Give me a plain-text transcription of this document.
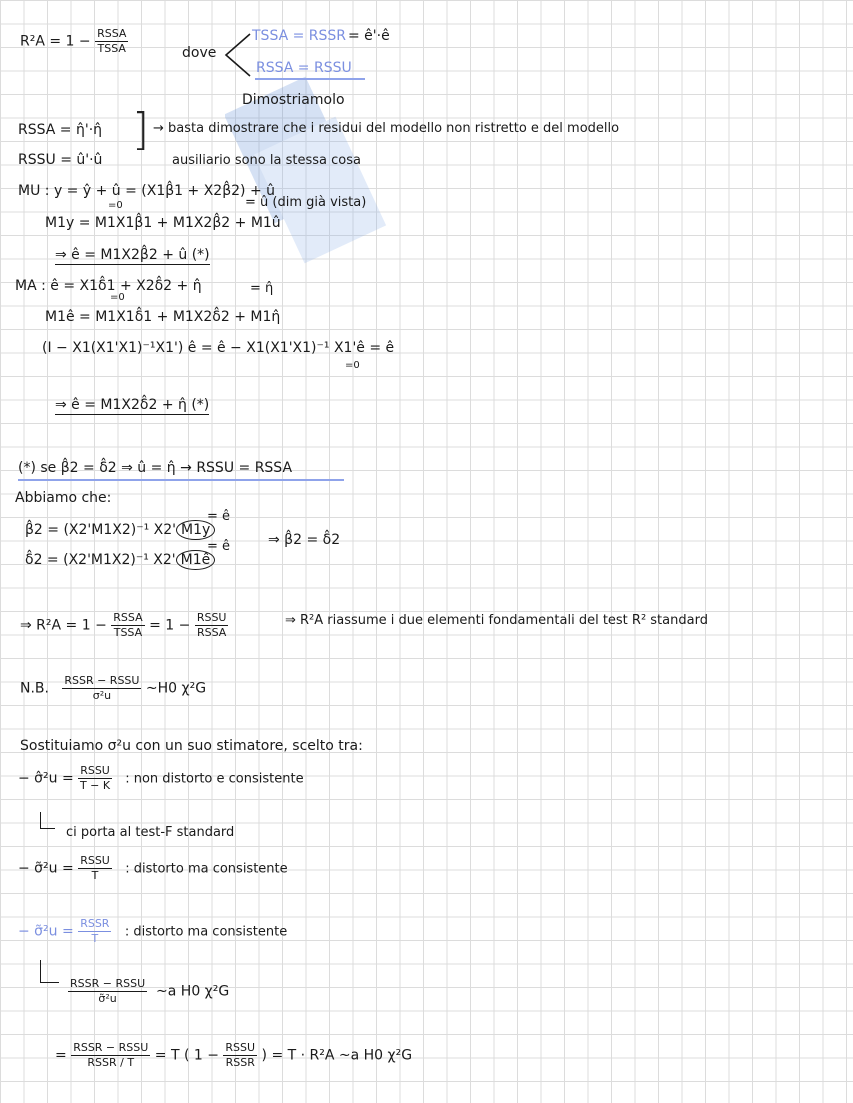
$R^2A = 1 - \frac{\text{RSSA}}{\text{TSSA}}$	dove
TSSA = RSSR = ê'·ê
RSSA = RSSU
Dimostriamolo
RSSA = η̂'·η̂
RSSU = û'·û
] → basta dimostrare che i residui del modello non ristretto e del modello
ausiliario sono la stessa cosa
MU : y = ŷ + û = (X1β̂1 + X2β̂2) + û
=0	= û (dim già vista)
M1y = M1X1β̂1 + M1X2β̂2 + M1û
⇒ ê = M1X2β̂2 + û (*)
MA : ê = X1δ̂1 + X2δ̂2 + η̂	= η̂
=0
M1ê = M1X1δ̂1 + M1X2δ̂2 + M1η̂
(I − X1(X1'X1)⁻¹X1') ê = ê − X1(X1'X1)⁻¹ X1'ê = ê
=0
⇒ ê = M1X2δ̂2 + η̂ (*)
(*) se β̂2 = δ̂2 ⇒ û = η̂ → RSSU = RSSA
Abbiamo che:
β̂2 = (X2'M1X2)⁻¹ X2' M1y
= ê
δ̂2 = (X2'M1X2)⁻¹ X2' M1ê
= ê	⇒ β̂2 = δ̂2
⇒ $R^2A = 1 - \frac{\text{RSSA}}{\text{TSSA}} = 1 - \frac{\text{RSSU}}{\text{RSSA}}$	⇒ R²A riassume i due elementi fondamentali del test R² standard
N.B. $\frac{\text{RSSR − RSSU}}{\text{σ²u}}$ ~H0 χ²G
Sostituiamo σ²u con un suo stimatore, scelto tra:
− σ̂²u = $\frac{\text{RSSU}}{T - K}$ : non distorto e consistente
ci porta al test-F standard
− σ̃²u = $\frac{\text{RSSU}}{T}$ : distorto ma consistente
− σ̃²u = $\frac{\text{RSSR}}{T}$ : distorto ma consistente
$\frac{\text{RSSR − RSSU}}{\text{σ̃²u}}$ ~a H0 χ²G
= $\frac{\text{RSSR − RSSU}}{\text{RSSR / T}} = T$ ( $1 - \frac{\text{RSSU}}{\text{RSSR}}$ ) = T · R²A ~a H0 χ²G
